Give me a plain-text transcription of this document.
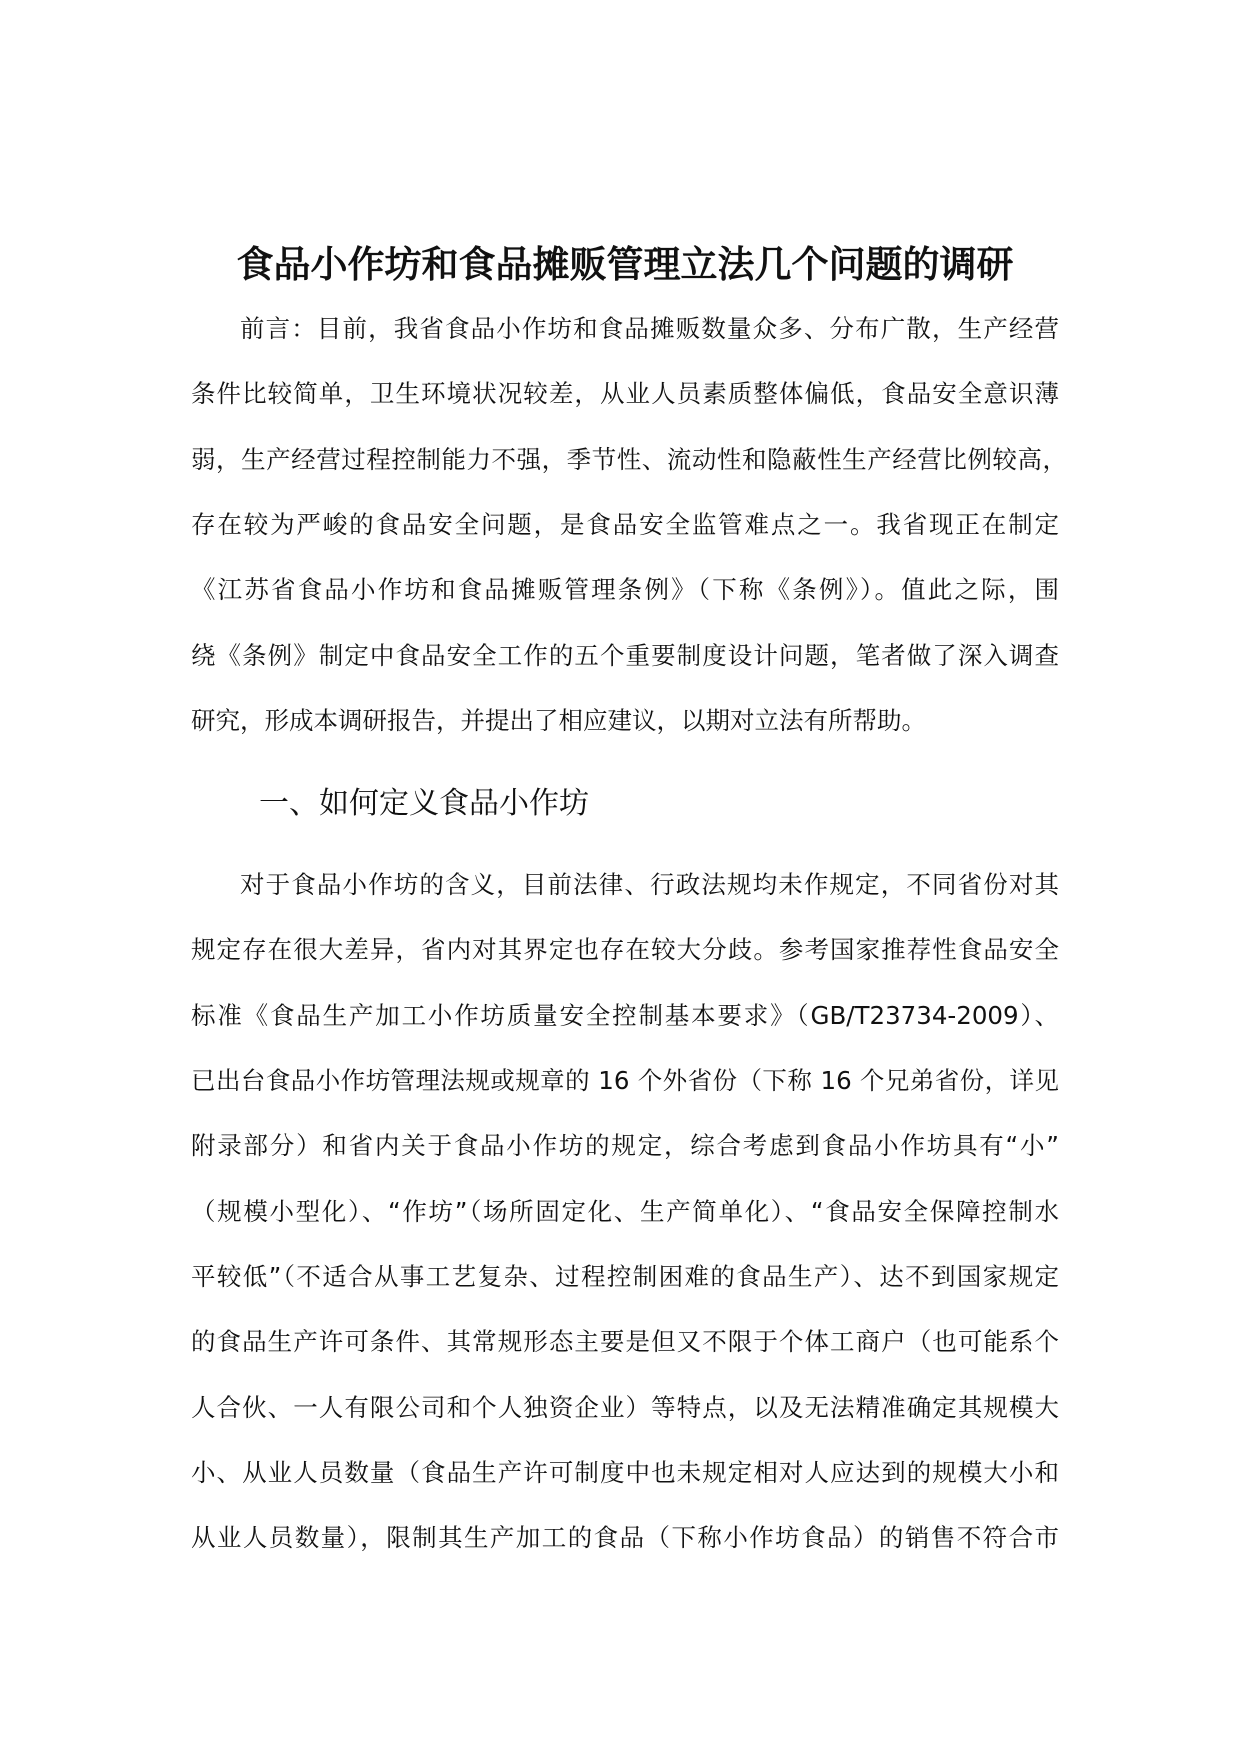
食品小作坊和食品摊贩管理立法几个问题的调研
前言：目前，我省食品小作坊和食品摊贩数量众多、分布广散，生产经营
条件比较简单，卫生环境状况较差，从业人员素质整体偏低，食品安全意识薄
弱，生产经营过程控制能力不强，季节性、流动性和隐蔽性生产经营比例较高，
存在较为严峻的食品安全问题，是食品安全监管难点之一。我省现正在制定
《江苏省食品小作坊和食品摊贩管理条例》（下称《条例》）。值此之际，围
绕《条例》制定中食品安全工作的五个重要制度设计问题，笔者做了深入调查
研究，形成本调研报告，并提出了相应建议，以期对立法有所帮助。
一、如何定义食品小作坊
对于食品小作坊的含义，目前法律、行政法规均未作规定，不同省份对其
规定存在很大差异，省内对其界定也存在较大分歧。参考国家推荐性食品安全
标准《食品生产加工小作坊质量安全控制基本要求》（GB/T23734-2009）、
已出台食品小作坊管理法规或规章的 16 个外省份（下称 16 个兄弟省份，详见
附录部分）和省内关于食品小作坊的规定，综合考虑到食品小作坊具有“小”
（规模小型化）、“作坊”（场所固定化、生产简单化）、“食品安全保障控制水
平较低”（不适合从事工艺复杂、过程控制困难的食品生产）、达不到国家规定
的食品生产许可条件、其常规形态主要是但又不限于个体工商户（也可能系个
人合伙、一人有限公司和个人独资企业）等特点，以及无法精准确定其规模大
小、从业人员数量（食品生产许可制度中也未规定相对人应达到的规模大小和
从业人员数量），限制其生产加工的食品（下称小作坊食品）的销售不符合市
